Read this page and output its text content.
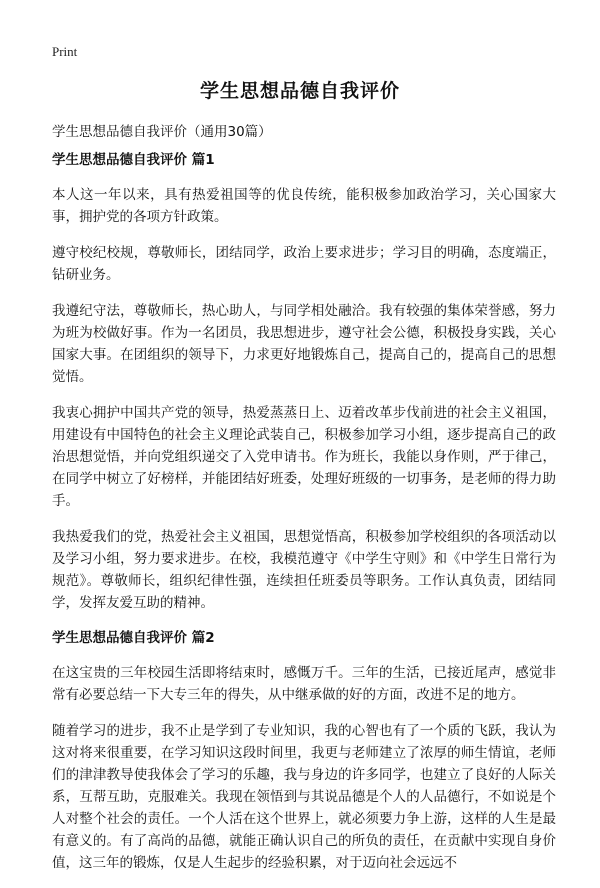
Print
学生思想品德自我评价
学生思想品德自我评价（通用30篇）
学生思想品德自我评价 篇1

本人这一年以来，具有热爱祖国等的优良传统，能积极参加政治学习，关心国家大事，拥护党的各项方针政策。

遵守校纪校规，尊敬师长，团结同学，政治上要求进步；学习目的明确，态度端正，钻研业务。

我遵纪守法，尊敬师长，热心助人，与同学相处融洽。我有较强的集体荣誉感，努力为班为校做好事。作为一名团员，我思想进步，遵守社会公德，积极投身实践，关心国家大事。在团组织的领导下，力求更好地锻炼自己，提高自己的，提高自己的思想觉悟。

我衷心拥护中国共产党的领导，热爱蒸蒸日上、迈着改革步伐前进的社会主义祖国，用建设有中国特色的社会主义理论武装自己，积极参加学习小组，逐步提高自己的政治思想觉悟，并向党组织递交了入党申请书。作为班长，我能以身作则，严于律己，在同学中树立了好榜样，并能团结好班委，处理好班级的一切事务，是老师的得力助手。

我热爱我们的党，热爱社会主义祖国，思想觉悟高，积极参加学校组织的各项活动以及学习小组，努力要求进步。在校，我模范遵守《中学生守则》和《中学生日常行为规范》。尊敬师长，组织纪律性强，连续担任班委员等职务。工作认真负责，团结同学，发挥友爱互助的精神。

学生思想品德自我评价 篇2

在这宝贵的三年校园生活即将结束时，感慨万千。三年的生活，已接近尾声，感觉非常有必要总结一下大专三年的得失，从中继承做的好的方面，改进不足的地方。

随着学习的进步，我不止是学到了专业知识，我的心智也有了一个质的飞跃，我认为这对将来很重要，在学习知识这段时间里，我更与老师建立了浓厚的师生情谊，老师们的津津教导使我体会了学习的乐趣，我与身边的许多同学，也建立了良好的人际关系，互帮互助，克服难关。我现在领悟到与其说品德是个人的人品德行，不如说是个人对整个社会的责任。一个人活在这个世界上，就必须要力争上游，这样的人生是最有意义的。有了高尚的品德，就能正确认识自己的所负的责任，在贡献中实现自身价值，这三年的锻炼，仅是人生起步的经验积累，对于迈向社会远远不
